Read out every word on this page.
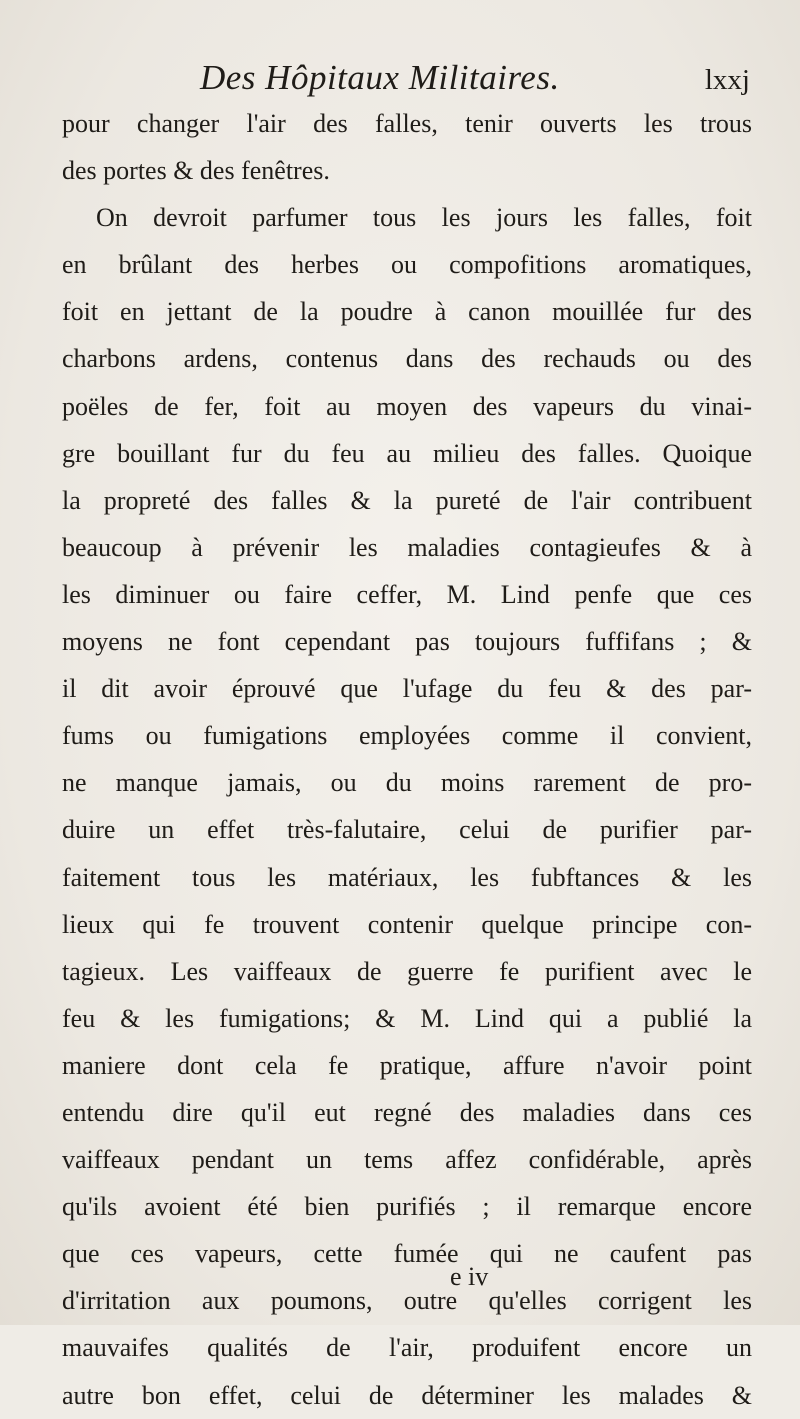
Des Hôpitaux Militaires.	lxxj
pour changer l'air des falles, tenir ouverts les trous
des portes & des fenêtres.
On devroit parfumer tous les jours les falles, foit
en brûlant des herbes ou compofitions aromatiques,
foit en jettant de la poudre à canon mouillée fur des
charbons ardens, contenus dans des rechauds ou des
poëles de fer, foit au moyen des vapeurs du vinai-
gre bouillant fur du feu au milieu des falles. Quoique
la propreté des falles & la pureté de l'air contribuent
beaucoup à prévenir les maladies contagieufes & à
les diminuer ou faire ceffer, M. Lind penfe que ces
moyens ne font cependant pas toujours fuffifans ; &
il dit avoir éprouvé que l'ufage du feu & des par-
fums ou fumigations employées comme il convient,
ne manque jamais, ou du moins rarement de pro-
duire un effet très-falutaire, celui de purifier par-
faitement tous les matériaux, les fubftances & les
lieux qui fe trouvent contenir quelque principe con-
tagieux. Les vaiffeaux de guerre fe purifient avec le
feu & les fumigations; & M. Lind qui a publié la
maniere dont cela fe pratique, affure n'avoir point
entendu dire qu'il eut regné des maladies dans ces
vaiffeaux pendant un tems affez confidérable, après
qu'ils avoient été bien purifiés ; il remarque encore
que ces vapeurs, cette fumée qui ne caufent pas
d'irritation aux poumons, outre qu'elles corrigent les
mauvaifes qualités de l'air, produifent encore un
autre bon effet, celui de déterminer les malades &
e iv
